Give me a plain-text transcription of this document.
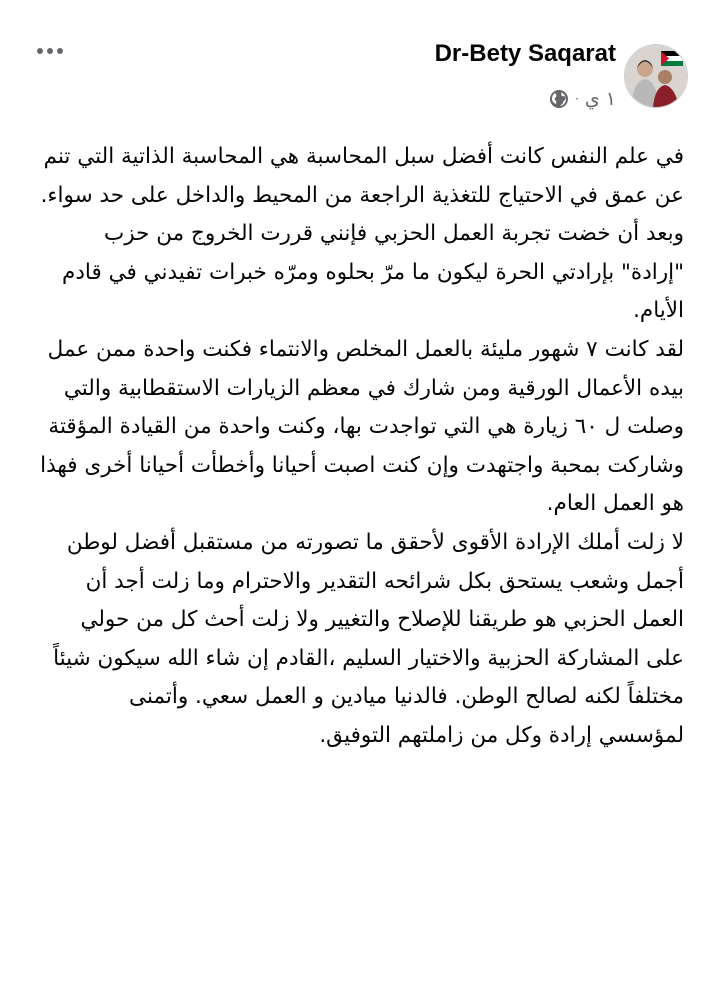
Dr-Bety Saqarat
١ ي
·

في علم النفس كانت أفضل سبل المحاسبة هي المحاسبة الذاتية التي تنم عن عمق في الاحتياج للتغذية الراجعة من المحيط والداخل على حد سواء.

وبعد أن خضت تجربة العمل الحزبي فإنني قررت الخروج من حزب "إرادة" بإرادتي الحرة ليكون ما مرّ بحلوه ومرّه خبرات تفيدني في قادم الأيام.

لقد كانت ٧ شهور مليئة بالعمل المخلص والانتماء فكنت واحدة ممن عمل بيده الأعمال الورقية ومن شارك في معظم الزيارات الاستقطابية والتي وصلت ل ٦٠ زيارة هي التي تواجدت بها، وكنت واحدة من القيادة المؤقتة وشاركت بمحبة واجتهدت وإن كنت اصبت أحيانا وأخطأت أحيانا أخرى فهذا هو العمل العام.

لا زلت أملك الإرادة الأقوى لأحقق ما تصورته من مستقبل أفضل لوطن أجمل وشعب يستحق بكل شرائحه التقدير والاحترام وما زلت أجد أن العمل الحزبي هو طريقنا للإصلاح والتغيير ولا زلت أحث كل من حولي على المشاركة الحزبية والاختيار السليم ،القادم إن شاء الله سيكون شيئاً مختلفاً لكنه لصالح الوطن. فالدنيا ميادين و العمل سعي. وأتمنى لمؤسسي إرادة وكل من زاملتهم التوفيق.
